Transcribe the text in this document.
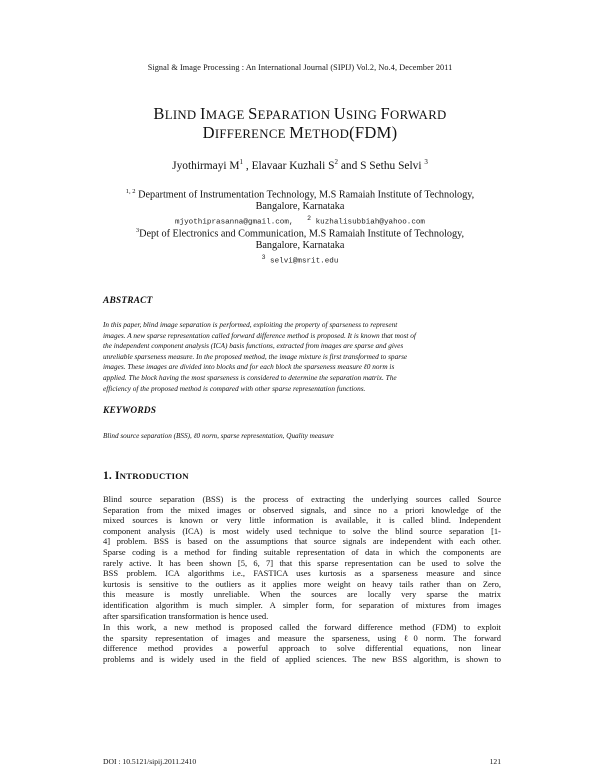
Signal & Image Processing : An International Journal (SIPIJ) Vol.2, No.4, December 2011
BLIND IMAGE SEPARATION USING FORWARD
DIFFERENCE METHOD(FDM)
Jyothirmayi $M^1$ , Elavaar Kuzhali $S^2$ and S Sethu Selvi $^3$
$^{1, 2}$ Department of Instrumentation Technology, M.S Ramaiah Institute of Technology,
Bangalore, Karnataka
mjyothiprasanna@gmail.com,   $^2$ kuzhalisubbiah@yahoo.com
$^3$Dept of Electronics and Communication, M.S Ramaiah Institute of Technology,
Bangalore, Karnataka
$^3$ selvi@msrit.edu
ABSTRACT
In this paper, blind image separation is performed, exploiting the property of sparseness to represent
images. A new sparse representation called forward difference method is proposed. It is known that most of
the independent component analysis (ICA) basis functions, extracted from images are sparse and gives
unreliable sparseness measure. In the proposed method, the image mixture is first transformed to sparse
images. These images are divided into blocks and for each block the sparseness measure ℓ0 norm is
applied. The block having the most sparseness is considered to determine the separation matrix. The
efficiency of the proposed method is compared with other sparse representation functions.
KEYWORDS
Blind source separation (BSS), ℓ0 norm, sparse representation, Quality measure
1. INTRODUCTION
Blind source separation (BSS) is the process of extracting the underlying sources called Source
Separation from the mixed images or observed signals, and since no a priori knowledge of the
mixed sources is known or very little information is available, it is called blind. Independent
component analysis (ICA) is most widely used technique to solve the blind source separation [1-
4] problem. BSS is based on the assumptions that source signals are independent with each other.
Sparse coding is a method for finding suitable representation of data in which the components are
rarely active. It has been shown [5, 6, 7] that this sparse representation can be used to solve the
BSS problem. ICA algorithms i.e., FASTICA uses kurtosis as a sparseness measure and since
kurtosis is sensitive to the outliers as it applies more weight on heavy tails rather than on Zero,
this measure is mostly unreliable. When the sources are locally very sparse the matrix
identification algorithm is much simpler. A simpler form, for separation of mixtures from images
after sparsification transformation is hence used.
In this work, a new method is proposed called the forward difference method (FDM) to exploit
the sparsity representation of images and measure the sparseness, using ℓ0 norm. The forward
difference method provides a powerful approach to solve differential equations, non linear
problems and is widely used in the field of applied sciences. The new BSS algorithm, is shown to
DOI : 10.5121/sipij.2011.2410	121
